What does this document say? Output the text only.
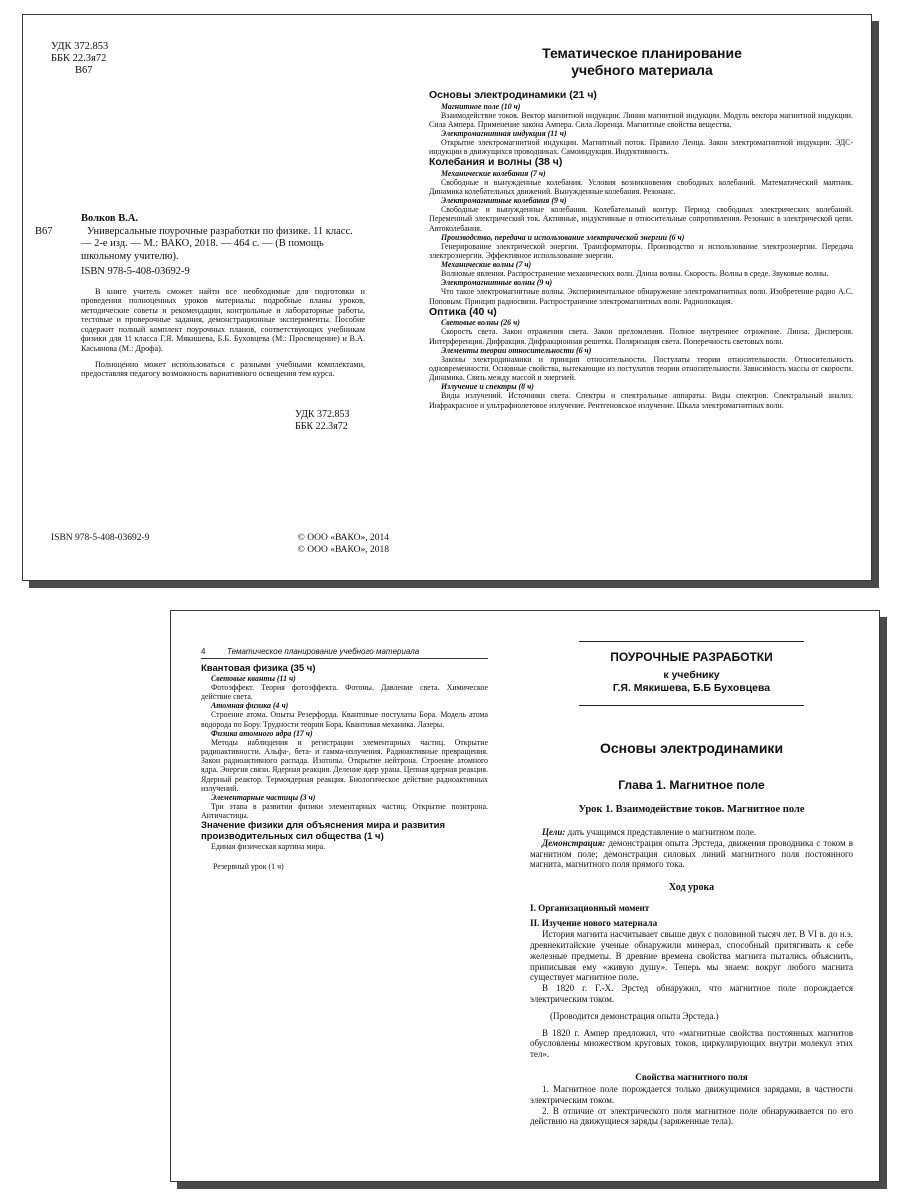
УДК 372.853
ББК 22.3я72
В67
Волков В.А.
В67	Универсальные поурочные разработки по физике. 11 класс. — 2-е изд. — М.: ВАКО, 2018. — 464 с. — (В помощь школьному учителю).
ISBN 978-5-408-03692-9

В книге учитель сможет найти все необходимые для подготовки и проведения полноценных уроков материалы: подробные планы уроков, методические советы и рекомендации, контрольные и лабораторные работы, тестовые и проверочные задания, демонстрационные эксперименты. Пособие содержит полный комплект поурочных планов, соответствующих учебникам физики для 11 класса Г.Я. Мякишева, Б.Б. Буховцева (М.: Просвещение) и В.А. Касьянова (М.: Дрофа).

Полноценно может использоваться с разными учебными комплектами, предоставляя педагогу возможность вариативного освещения тем курса.

УДК 372.853
ББК 22.3я72
ISBN 978-5-408-03692-9	© ООО «ВАКО», 2014
© ООО «ВАКО», 2018
Тематическое планирование
учебного материала
Основы электродинамики (21 ч)
Магнитное поле (10 ч)

Взаимодействие токов. Вектор магнитной индукции. Линии магнитной индукции. Модуль вектора магнитной индукции. Сила Ампера. Применение закона Ампера. Сила Лоренца. Магнитные свойства вещества.

Электромагнитная индукция (11 ч)

Открытие электромагнитной индукции. Магнитный поток. Правило Ленца. Закон электромагнитной индукции. ЭДС-индукции в движущихся проводниках. Самоиндукция. Индуктивность.

Колебания и волны (38 ч)
Механические колебания (7 ч)

Свободные и вынужденные колебания. Условия возникновения свободных колебаний. Математический маятник. Динамика колебательных движений. Вынужденные колебания. Резонанс.

Электромагнитные колебания (9 ч)

Свободные и вынужденные колебания. Колебательный контур. Период свободных электрических колебаний. Переменный электрический ток. Активные, индуктивные и относительные сопротивления. Резонанс в электрической цепи. Автоколебания.

Производство, передача и использование электрической энергии (6 ч)

Генерирование электрической энергии. Трансформаторы. Производство и использование электроэнергии. Передача электроэнергии. Эффективное использование энергии.

Механические волны (7 ч)

Волновые явления. Распространение механических волн. Длина волны. Скорость. Волны в среде. Звуковые волны.

Электромагнитные волны (9 ч)

Что такое электромагнитные волны. Экспериментальное обнаружение электромагнитных волн. Изобретение радио А.С. Поповым. Принцип радиосвязи. Распространение электромагнитных волн. Радиолокация.

Оптика (40 ч)
Световые волны (26 ч)

Скорость света. Закон отражения света. Закон преломления. Полное внутреннее отражение. Линза. Дисперсия. Интерференция. Дифракция. Дифракционная решетка. Поляризация света. Поперечность световых волн.

Элементы теории относительности (6 ч)

Законы электродинамики и принцип относительности. Постулаты теории относительности. Относительность одновременности. Основные свойства, вытекающие из постулатов теории относительности. Зависимость массы от скорости. Динамика. Связь между массой и энергией.

Излучение и спектры (8 ч)

Виды излучений. Источники света. Спектры и спектральные аппараты. Виды спектров. Спектральный анализ. Инфракрасное и ультрафиолетовое излучение. Рентгеновское излучение. Шкала электромагнитных волн.

4	Тематическое планирование учебного материала
Квантовая физика (35 ч)
Световые кванты (11 ч)

Фотоэффект. Теория фотоэффекта. Фотоны. Давление света. Химическое действие света.

Атомная физика (4 ч)

Строение атома. Опыты Резерфорда. Квантовые постулаты Бора. Модель атома водорода по Бору. Трудности теории Бора. Квантовая механика. Лазеры.

Физика атомного ядра (17 ч)

Методы наблюдения и регистрации элементарных частиц. Открытие радиоактивности. Альфа-, бета- и гамма-излучения. Радиоактивные превращения. Закон радиоактивного распада. Изотопы. Открытие нейтрона. Строение атомного ядра. Энергия связи. Ядерная реакция. Деление ядер урана. Цепная ядерная реакция. Ядерный реактор. Термоядерная реакция. Биологическое действие радиоактивных излучений.

Элементарные частицы (3 ч)

Три этапа в развитии физики элементарных частиц. Открытие позитрона. Античастицы.

Значение физики для объяснения мира и развития производительных сил общества (1 ч)

Единая физическая картина мира.

Резервный урок (1 ч)
ПОУРОЧНЫЕ РАЗРАБОТКИ
к учебнику
Г.Я. Мякишева, Б.Б Буховцева
Основы электродинамики
Глава 1. Магнитное поле
Урок 1. Взаимодействие токов. Магнитное поле

Цели: дать учащимся представление о магнитном поле.

Демонстрация: демонстрация опыта Эрстеда, движения проводника с током в магнитном поле; демонстрация силовых линий магнитного поля постоянного магнита, магнитного поля прямого тока.

Ход урока
I. Организационный момент
II. Изучение нового материала

История магнита насчитывает свыше двух с половиной тысяч лет. В VI в. до н.э. древнекитайские ученые обнаружили минерал, способный притягивать к себе железные предметы. В древние времена свойства магнита пытались объяснить, приписывая ему «живую душу». Теперь мы знаем: вокруг любого магнита существует магнитное поле.

В 1820 г. Г.-Х. Эрстед обнаружил, что магнитное поле порождается электрическим током.

(Проводится демонстрация опыта Эрстеда.)

В 1820 г. Ампер предложил, что «магнитные свойства постоянных магнитов обусловлены множеством круговых токов, циркулирующих внутри молекул этих тел».

Свойства магнитного поля

1. Магнитное поле порождается только движущимися зарядами, в частности электрическим током.

2. В отличие от электрического поля магнитное поле обнаруживается по его действию на движущиеся заряды (заряженные тела).
